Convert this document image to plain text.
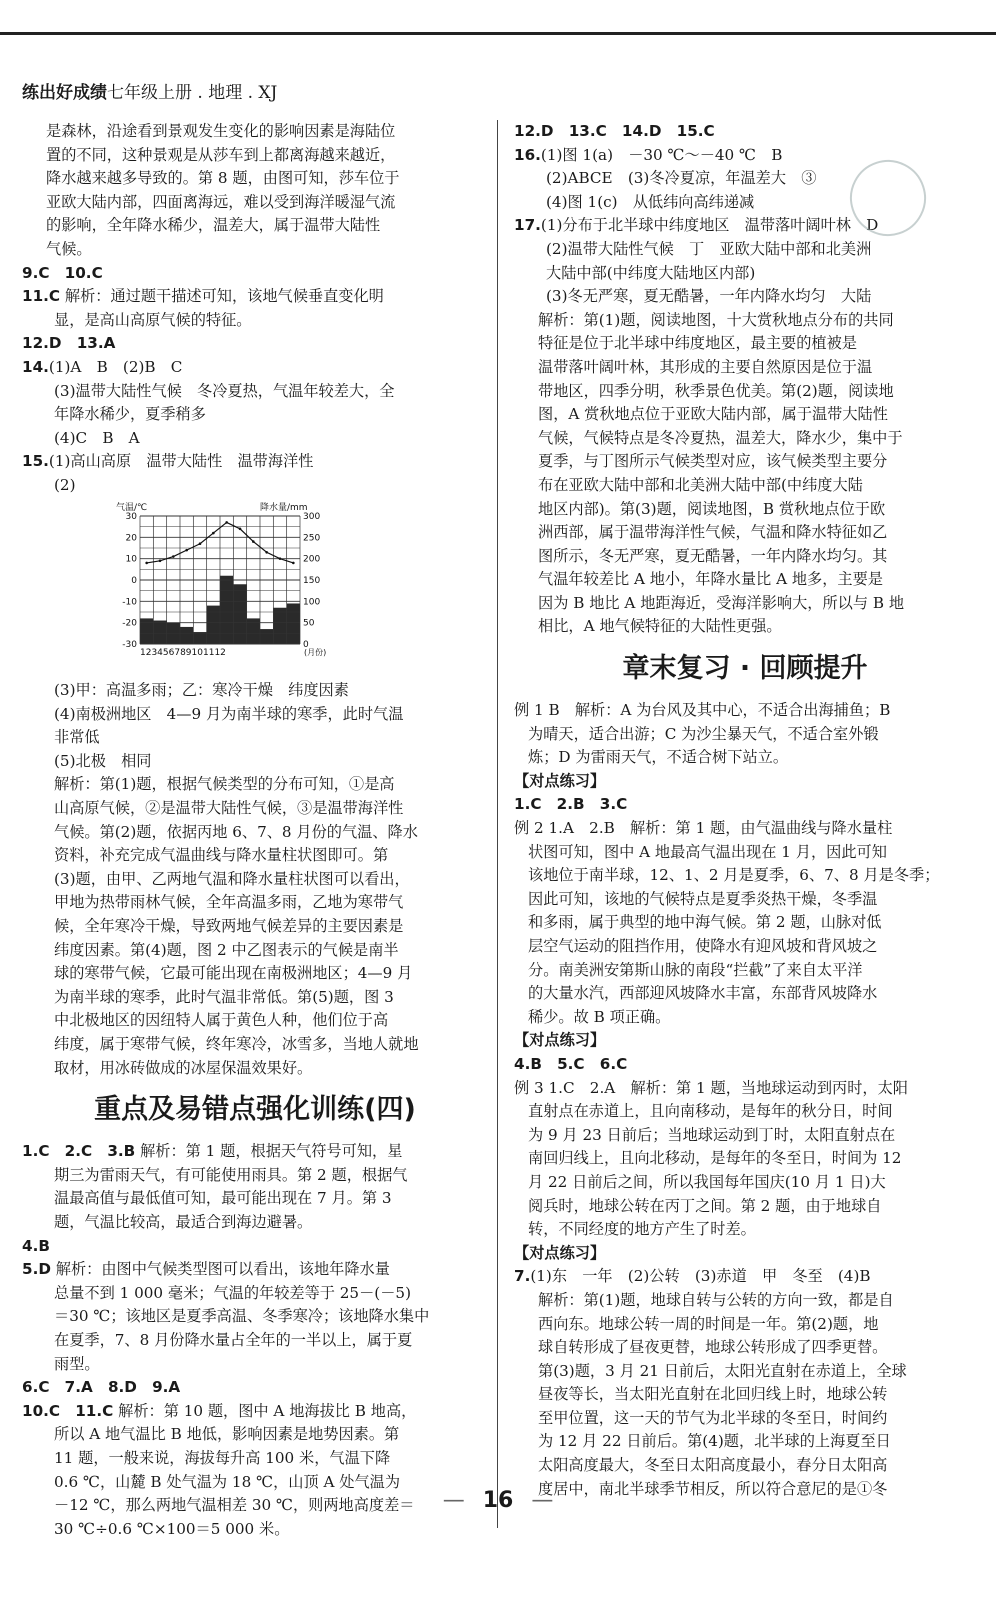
练出好成绩七年级上册 . 地理 . XJ

是森林，沿途看到景观发生变化的影响因素是海陆位

置的不同，这种景观是从莎车到上都离海越来越近，

降水越来越多导致的。第 8 题，由图可知，莎车位于

亚欧大陆内部，四面离海远，难以受到海洋暖湿气流

的影响，全年降水稀少，温差大，属于温带大陆性

气候。

9.C　10.C

11.C 解析：通过题干描述可知，该地气候垂直变化明

显，是高山高原气候的特征。

12.D　13.A

14.(1)A　B　(2)B　C

(3)温带大陆性气候　冬冷夏热，气温年较差大，全

年降水稀少，夏季稍多

(4)C　B　A

15.(1)高山高原　温带大陆性　温带海洋性

(2)

气温/℃	降水量/mm
30
20
10
0
-10
-20
-30
300
250
200
150
100
50
0
123456789101112	(月份)

(3)甲：高温多雨；乙：寒冷干燥　纬度因素

(4)南极洲地区　4—9 月为南半球的寒季，此时气温

非常低

(5)北极　相同

解析：第(1)题，根据气候类型的分布可知，①是高

山高原气候，②是温带大陆性气候，③是温带海洋性

气候。第(2)题，依据丙地 6、7、8 月份的气温、降水

资料，补充完成气温曲线与降水量柱状图即可。第

(3)题，由甲、乙两地气温和降水量柱状图可以看出，

甲地为热带雨林气候，全年高温多雨，乙地为寒带气

候，全年寒冷干燥，导致两地气候差异的主要因素是

纬度因素。第(4)题，图 2 中乙图表示的气候是南半

球的寒带气候，它最可能出现在南极洲地区；4—9 月

为南半球的寒季，此时气温非常低。第(5)题，图 3

中北极地区的因纽特人属于黄色人种，他们位于高

纬度，属于寒带气候，终年寒冷，冰雪多，当地人就地

取材，用冰砖做成的冰屋保温效果好。

重点及易错点强化训练(四)

1.C　2.C　3.B 解析：第 1 题，根据天气符号可知，星

期三为雷雨天气，有可能使用雨具。第 2 题，根据气

温最高值与最低值可知，最可能出现在 7 月。第 3

题，气温比较高，最适合到海边避暑。

4.B

5.D 解析：由图中气候类型图可以看出，该地年降水量

总量不到 1 000 毫米；气温的年较差等于 25－(－5)

＝30 ℃；该地区是夏季高温、冬季寒冷；该地降水集中

在夏季，7、8 月份降水量占全年的一半以上，属于夏

雨型。

6.C　7.A　8.D　9.A

10.C　11.C 解析：第 10 题，图中 A 地海拔比 B 地高，

所以 A 地气温比 B 地低，影响因素是地势因素。第

11 题，一般来说，海拔每升高 100 米，气温下降

0.6 ℃，山麓 B 处气温为 18 ℃，山顶 A 处气温为

－12 ℃，那么两地气温相差 30 ℃，则两地高度差＝

30 ℃÷0.6 ℃×100＝5 000 米。

12.D　13.C　14.D　15.C

16.(1)图 1(a)　－30 ℃～－40 ℃　B

(2)ABCE　(3)冬冷夏凉，年温差大　③

(4)图 1(c)　从低纬向高纬递减

17.(1)分布于北半球中纬度地区　温带落叶阔叶林　D

(2)温带大陆性气候　丁　亚欧大陆中部和北美洲

大陆中部(中纬度大陆地区内部)

(3)冬无严寒，夏无酷暑，一年内降水均匀　大陆

解析：第(1)题，阅读地图，十大赏秋地点分布的共同

特征是位于北半球中纬度地区，最主要的植被是

温带落叶阔叶林，其形成的主要自然原因是位于温

带地区，四季分明，秋季景色优美。第(2)题，阅读地

图，A 赏秋地点位于亚欧大陆内部，属于温带大陆性

气候，气候特点是冬冷夏热，温差大，降水少，集中于

夏季，与丁图所示气候类型对应，该气候类型主要分

布在亚欧大陆中部和北美洲大陆中部(中纬度大陆

地区内部)。第(3)题，阅读地图，B 赏秋地点位于欧

洲西部，属于温带海洋性气候，气温和降水特征如乙

图所示，冬无严寒，夏无酷暑，一年内降水均匀。其

气温年较差比 A 地小，年降水量比 A 地多，主要是

因为 B 地比 A 地距海近，受海洋影响大，所以与 B 地

相比，A 地气候特征的大陆性更强。

章末复习 · 回顾提升

例 1 B　解析：A 为台风及其中心，不适合出海捕鱼；B

为晴天，适合出游；C 为沙尘暴天气，不适合室外锻

炼；D 为雷雨天气，不适合树下站立。

【对点练习】

1.C　2.B　3.C

例 2 1.A　2.B　解析：第 1 题，由气温曲线与降水量柱

状图可知，图中 A 地最高气温出现在 1 月，因此可知

该地位于南半球，12、1、2 月是夏季，6、7、8 月是冬季；

因此可知，该地的气候特点是夏季炎热干燥，冬季温

和多雨，属于典型的地中海气候。第 2 题，山脉对低

层空气运动的阻挡作用，使降水有迎风坡和背风坡之

分。南美洲安第斯山脉的南段“拦截”了来自太平洋

的大量水汽，西部迎风坡降水丰富，东部背风坡降水

稀少。故 B 项正确。

【对点练习】

4.B　5.C　6.C

例 3 1.C　2.A　解析：第 1 题，当地球运动到丙时，太阳

直射点在赤道上，且向南移动，是每年的秋分日，时间

为 9 月 23 日前后；当地球运动到丁时，太阳直射点在

南回归线上，且向北移动，是每年的冬至日，时间为 12

月 22 日前后之间，所以我国每年国庆(10 月 1 日)大

阅兵时，地球公转在丙丁之间。第 2 题，由于地球自

转，不同经度的地方产生了时差。

【对点练习】

7.(1)东　一年　(2)公转　(3)赤道　甲　冬至　(4)B

解析：第(1)题，地球自转与公转的方向一致，都是自

西向东。地球公转一周的时间是一年。第(2)题，地

球自转形成了昼夜更替，地球公转形成了四季更替。

第(3)题，3 月 21 日前后，太阳光直射在赤道上，全球

昼夜等长，当太阳光直射在北回归线上时，地球公转

至甲位置，这一天的节气为北半球的冬至日，时间约

为 12 月 22 日前后。第(4)题，北半球的上海夏至日

太阳高度最大，冬至日太阳高度最小，春分日太阳高

度居中，南北半球季节相反，所以符合意尼的是①冬

— 16 —
